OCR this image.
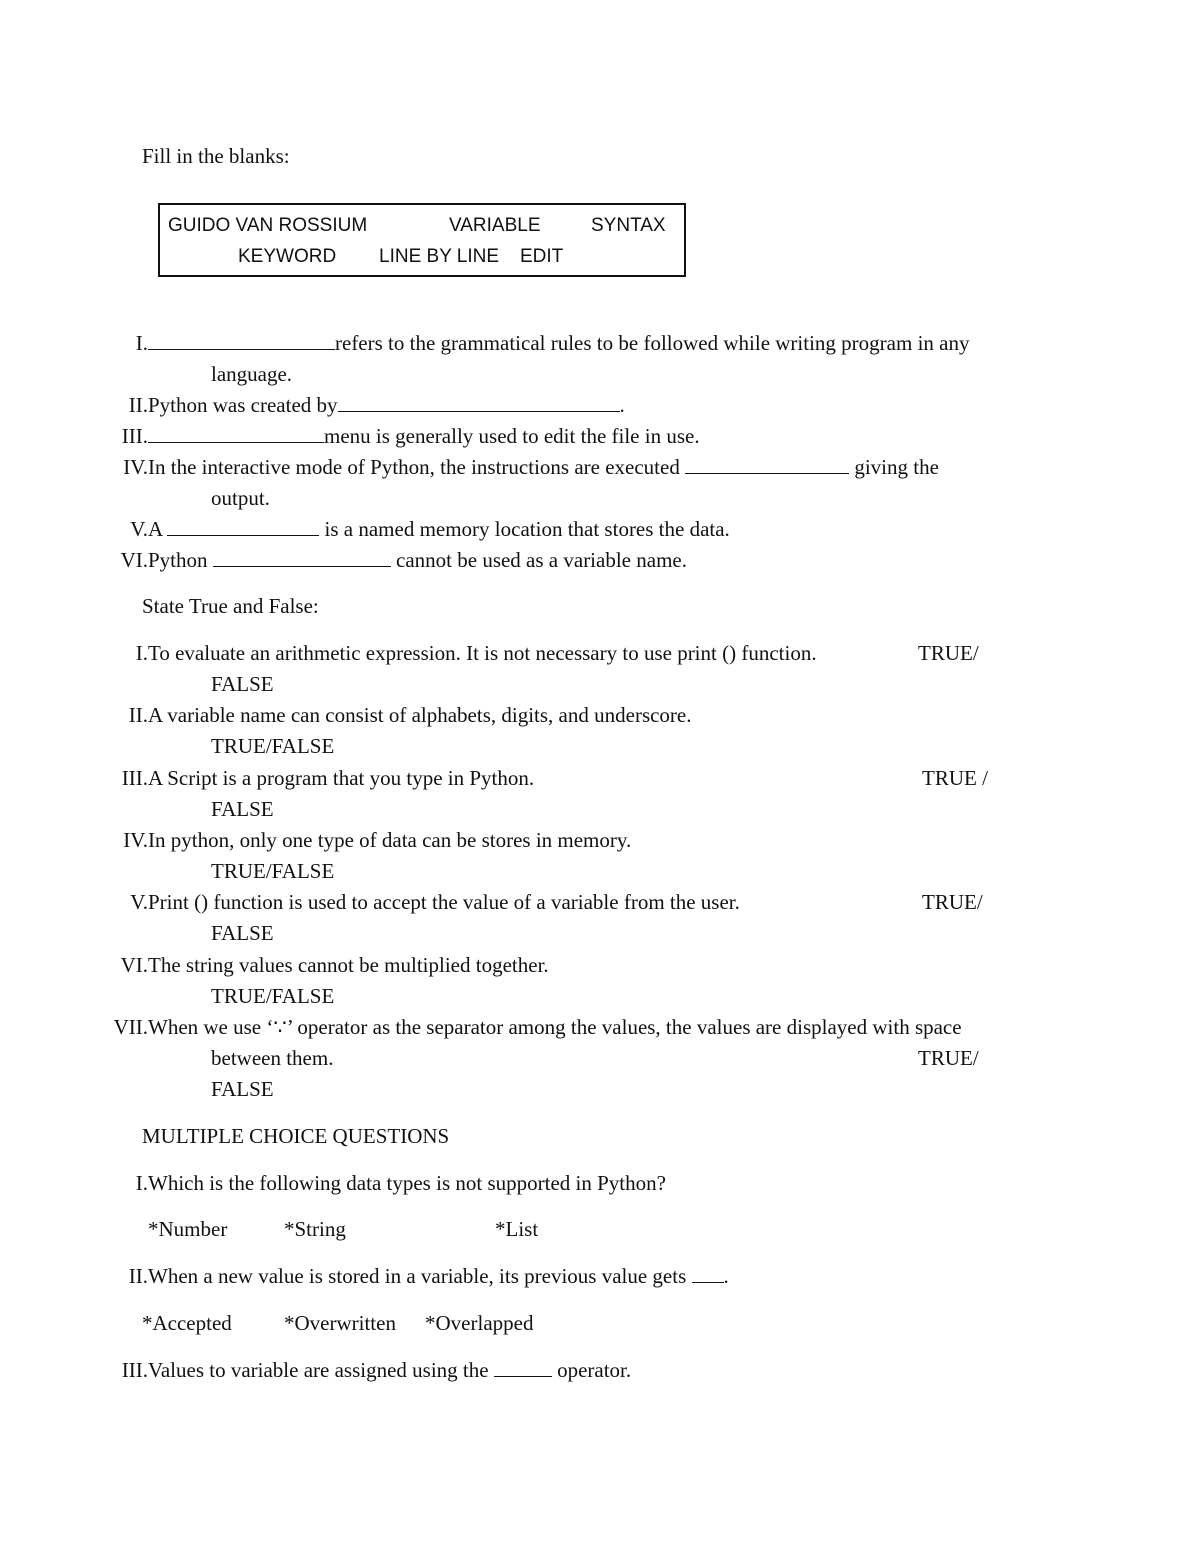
Fill in the blanks:
GUIDO VAN ROSSIUM	VARIABLE	SYNTAX
KEYWORD LINE BY LINE EDIT
I.	refers to the grammatical rules to be followed while writing program in any
language.
II. Python was created by	.
III.	menu is generally used to edit the file in use.
IV. In the interactive mode of Python, the instructions are executed	giving the
output.
V. A	is a named memory location that stores the data.
VI. Python	cannot be used as a variable name.
State True and False:
I. To evaluate an arithmetic expression. It is not necessary to use print () function.	TRUE/
FALSE
II. A variable name can consist of alphabets, digits, and underscore.
TRUE/FALSE
III. A Script is a program that you type in Python.	TRUE /
FALSE
IV. In python, only one type of data can be stores in memory.
TRUE/FALSE
V. Print () function is used to accept the value of a variable from the user.	TRUE/
FALSE
VI. The string values cannot be multiplied together.
TRUE/FALSE
VII. When we use ‘∵’ operator as the separator among the values, the values are displayed with space
between them.	TRUE/
FALSE
MULTIPLE CHOICE QUESTIONS
I. Which is the following data types is not supported in Python?
*Number	*String	*List
II. When a new value is stored in a variable, its previous value gets .
*Accepted *Overwritten *Overlapped
III. Values to variable are assigned using the	operator.
